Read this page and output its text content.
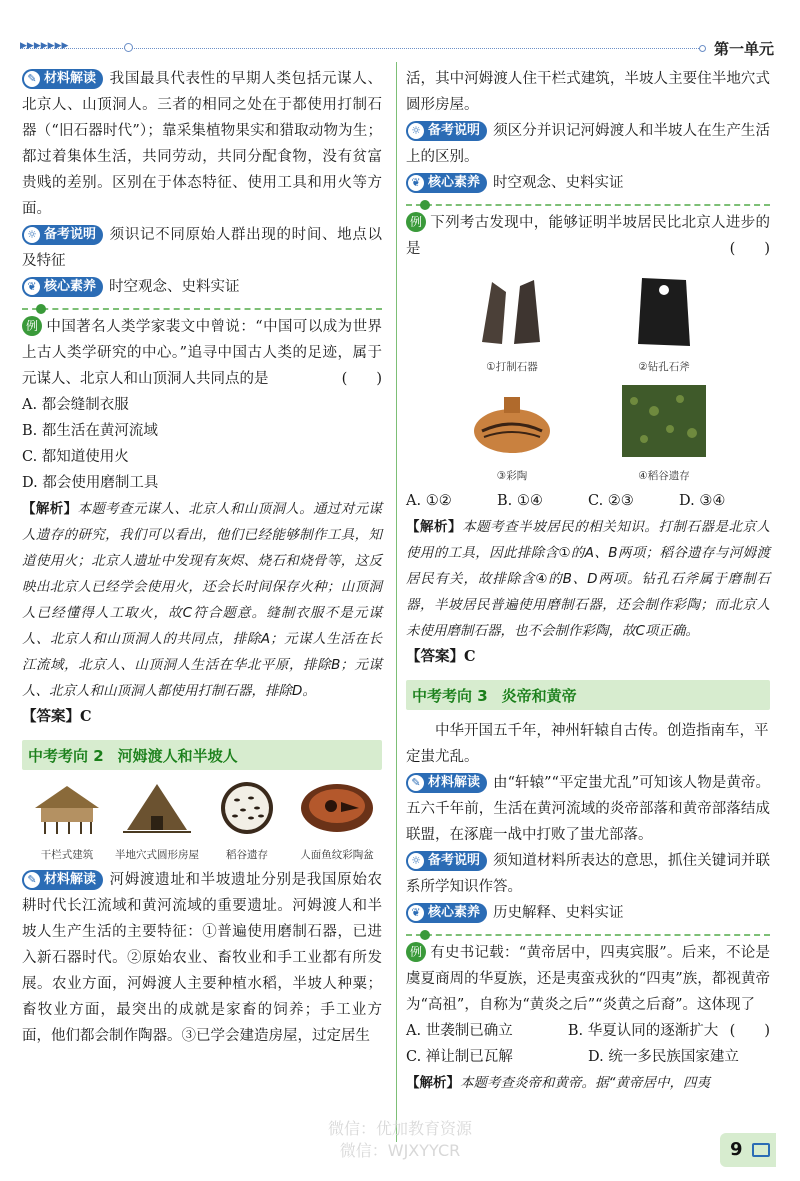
▶▶▶▶▶▶▶	第一单元
✎ 材料解读 我国最具代表性的早期人类包括元谋人、北京人、山顶洞人。三者的相同之处在于都使用打制石器（“旧石器时代”）；靠采集植物果实和猎取动物为生；都过着集体生活，共同劳动，共同分配食物，没有贫富贵贱的差别。区别在于体态特征、使用工具和用火等方面。
☼ 备考说明 须识记不同原始人群出现的时间、地点以及特征
❦ 核心素养 时空观念、史料实证
例 中国著名人类学家裴文中曾说：“中国可以成为世界上古人类学研究的中心。”追寻中国古人类的足迹，属于元谋人、北京人和山顶洞人共同点的是	(　　)
A. 都会缝制衣服
B. 都生活在黄河流域
C. 都知道使用火
D. 都会使用磨制工具
【解析】本题考查元谋人、北京人和山顶洞人。通过对元谋人遗存的研究，我们可以看出，他们已经能够制作工具，知道使用火；北京人遗址中发现有灰烬、烧石和烧骨等，这反映出北京人已经学会使用火，还会长时间保存火种；山顶洞人已经懂得人工取火，故C符合题意。缝制衣服不是元谋人、北京人和山顶洞人的共同点，排除A；元谋人生活在长江流域，北京人、山顶洞人生活在华北平原，排除B；元谋人、北京人和山顶洞人都使用打制石器，排除D。
【答案】C
中考考向 2 河姆渡人和半坡人
干栏式建筑	半地穴式圆形房屋	稻谷遗存	人面鱼纹彩陶盆
✎ 材料解读 河姆渡遗址和半坡遗址分别是我国原始农耕时代长江流域和黄河流域的重要遗址。河姆渡人和半坡人生产生活的主要特征：①普遍使用磨制石器，已进入新石器时代。②原始农业、畜牧业和手工业都有所发展。农业方面，河姆渡人主要种植水稻，半坡人种粟；畜牧业方面，最突出的成就是家畜的饲养；手工业方面，他们都会制作陶器。③已学会建造房屋，过定居生
活，其中河姆渡人住干栏式建筑，半坡人主要住半地穴式圆形房屋。
☼ 备考说明 须区分并识记河姆渡人和半坡人在生产生活上的区别。
❦ 核心素养 时空观念、史料实证
例 下列考古发现中，能够证明半坡居民比北京人进步的是	(　　)
①打制石器	②钻孔石斧
③彩陶	④稻谷遗存
A. ①②	B. ①④	C. ②③	D. ③④
【解析】本题考查半坡居民的相关知识。打制石器是北京人使用的工具，因此排除含①的A、B两项；稻谷遗存与河姆渡居民有关，故排除含④的B、D两项。钻孔石斧属于磨制石器，半坡居民普遍使用磨制石器，还会制作彩陶；而北京人未使用磨制石器，也不会制作彩陶，故C项正确。
【答案】C
中考考向 3 炎帝和黄帝
中华开国五千年，神州轩辕自古传。创造指南车，平定蚩尤乱。
✎ 材料解读 由“轩辕”“平定蚩尤乱”可知该人物是黄帝。五六千年前，生活在黄河流域的炎帝部落和黄帝部落结成联盟，在涿鹿一战中打败了蚩尤部落。
☼ 备考说明 须知道材料所表达的意思，抓住关键词并联系所学知识作答。
❦ 核心素养 历史解释、史料实证
例 有史书记载：“黄帝居中，四夷宾服”。后来，不论是虞夏商周的华夏族，还是夷蛮戎狄的“四夷”族，都视黄帝为“高祖”，自称为“黄炎之后”“炎黄之后裔”。这体现了
(　　)
A. 世袭制已确立	B. 华夏认同的逐渐扩大
C. 禅让制已瓦解	D. 统一多民族国家建立
【解析】本题考查炎帝和黄帝。据“黄帝居中，四夷
微信：优加教育资源
微信：WJXYYCR	9
